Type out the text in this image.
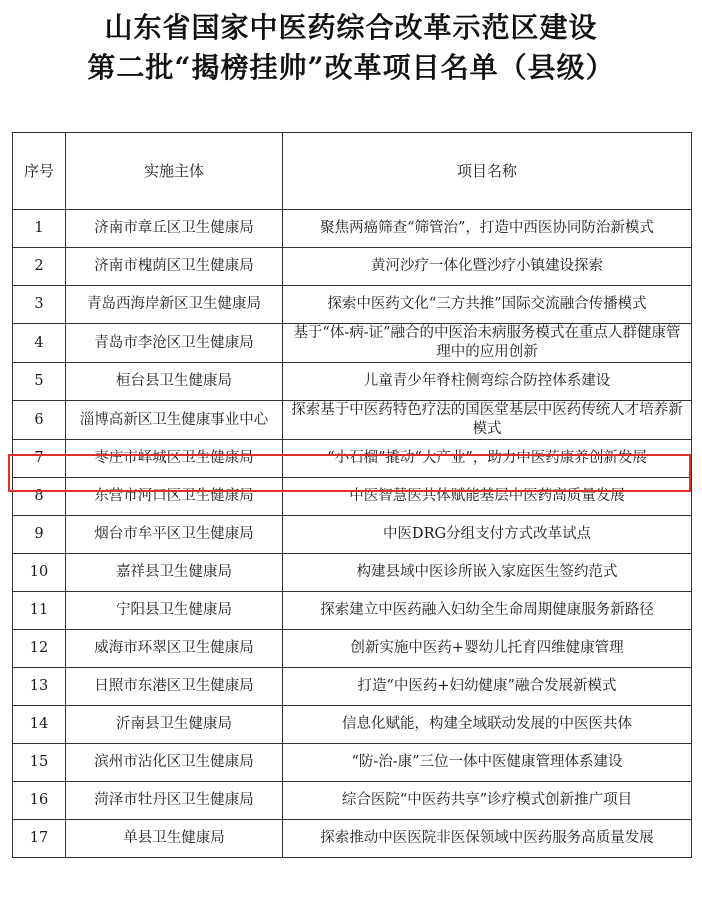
山东省国家中医药综合改革示范区建设
第二批“揭榜挂帅”改革项目名单（县级）
序号	实施主体	项目名称
1	济南市章丘区卫生健康局	聚焦两癌筛查“筛管治”，打造中西医协同防治新模式
2	济南市槐荫区卫生健康局	黄河沙疗一体化暨沙疗小镇建设探索
3	青岛西海岸新区卫生健康局	探索中医药文化“三方共推”国际交流融合传播模式
4	青岛市李沧区卫生健康局	基于“体-病-证”融合的中医治未病服务模式在重点人群健康管理中的应用创新
5	桓台县卫生健康局	儿童青少年脊柱侧弯综合防控体系建设
6	淄博高新区卫生健康事业中心	探索基于中医药特色疗法的国医堂基层中医药传统人才培养新模式
7	枣庄市峄城区卫生健康局	“小石榴”撬动“大产业”，助力中医药康养创新发展
8	东营市河口区卫生健康局	中医智慧医共体赋能基层中医药高质量发展
9	烟台市牟平区卫生健康局	中医DRG分组支付方式改革试点
10	嘉祥县卫生健康局	构建县域中医诊所嵌入家庭医生签约范式
11	宁阳县卫生健康局	探索建立中医药融入妇幼全生命周期健康服务新路径
12	威海市环翠区卫生健康局	创新实施中医药+婴幼儿托育四维健康管理
13	日照市东港区卫生健康局	打造“中医药+妇幼健康”融合发展新模式
14	沂南县卫生健康局	信息化赋能，构建全域联动发展的中医医共体
15	滨州市沾化区卫生健康局	“防-治-康”三位一体中医健康管理体系建设
16	菏泽市牡丹区卫生健康局	综合医院“中医药共享”诊疗模式创新推广项目
17	单县卫生健康局	探索推动中医医院非医保领域中医药服务高质量发展
